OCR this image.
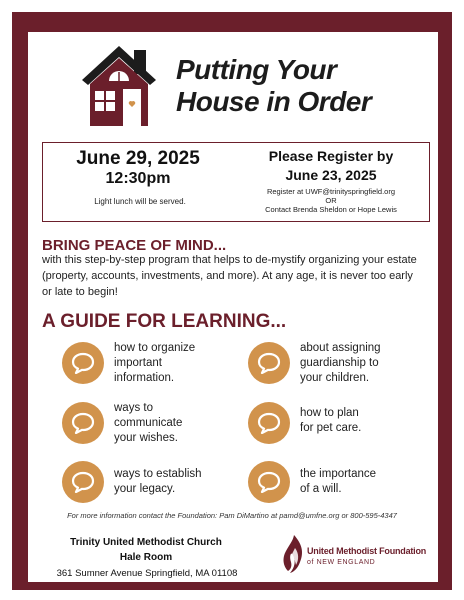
Putting Your
House in Order
June 29, 2025
12:30pm
Light lunch will be served.
Please Register by
June 23, 2025
Register at UWF@trinityspringfield.org
OR
Contact Brenda Sheldon or Hope Lewis
BRING PEACE OF MIND...
with this step-by-step program that helps to de-mystify organizing your estate (property, accounts, investments, and more). At any age, it is never too early or late to begin!
A GUIDE FOR LEARNING...
how to organize
important
information.
about assigning
guardianship to
your children.
ways to
communicate
your wishes.
how to plan
for pet care.
ways to establish
your legacy.
the importance
of a will.
For more information contact the Foundation: Pam DiMartino at pamd@umfne.org or 800-595-4347
Trinity United Methodist Church
Hale Room
361 Sumner Avenue Springfield, MA 01108
United Methodist Foundation
of NEW ENGLAND
